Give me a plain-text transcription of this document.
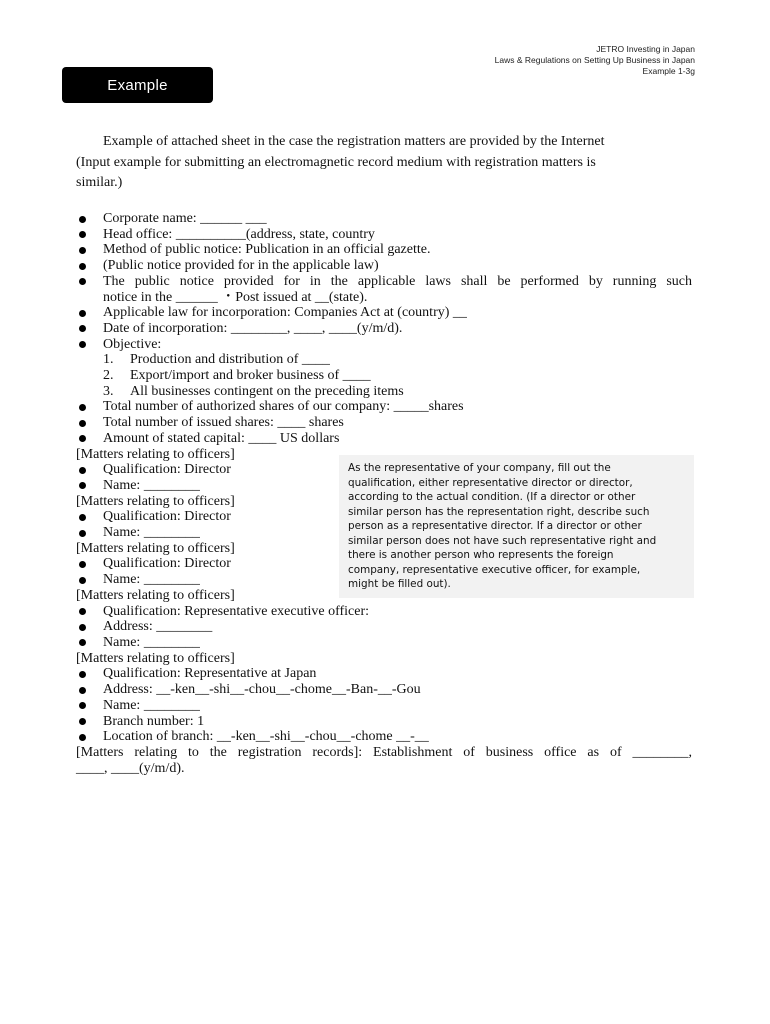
JETRO Investing in Japan
Laws & Regulations on Setting Up Business in Japan
Example 1-3g
Example
Example of attached sheet in the case the registration matters are provided by the Internet
(Input example for submitting an electromagnetic record medium with registration matters is
similar.)
Corporate name: ______ ___
Head office: __________(address, state, country
Method of public notice: Publication in an official gazette.
(Public notice provided for in the applicable law)
The public notice provided for in the applicable laws shall be performed by running such
notice in the ______ ・Post issued at __(state).
Applicable law for incorporation: Companies Act at (country) __
Date of incorporation: ________, ____, ____(y/m/d).
Objective:
1. Production and distribution of ____
2. Export/import and broker business of ____
3. All businesses contingent on the preceding items
Total number of authorized shares of our company: _____shares
Total number of issued shares: ____ shares
Amount of stated capital: ____ US dollars
[Matters relating to officers]
Qualification: Director
Name: ________
[Matters relating to officers]
Qualification: Director
Name: ________
[Matters relating to officers]
Qualification: Director
Name: ________
[Matters relating to officers]
Qualification: Representative executive officer:
Address: ________
Name: ________
[Matters relating to officers]
Qualification: Representative at Japan
Address: __-ken__-shi__-chou__-chome__-Ban-__-Gou
Name: ________
Branch number: 1
Location of branch: __-ken__-shi__-chou__-chome __-__
[Matters relating to the registration records]: Establishment of business office as of ________,
____, ____(y/m/d).
As the representative of your company, fill out the
qualification, either representative director or director,
according to the actual condition. (If a director or other
similar person has the representation right, describe such
person as a representative director. If a director or other
similar person does not have such representative right and
there is another person who represents the foreign
company, representative executive officer, for example,
might be filled out).
